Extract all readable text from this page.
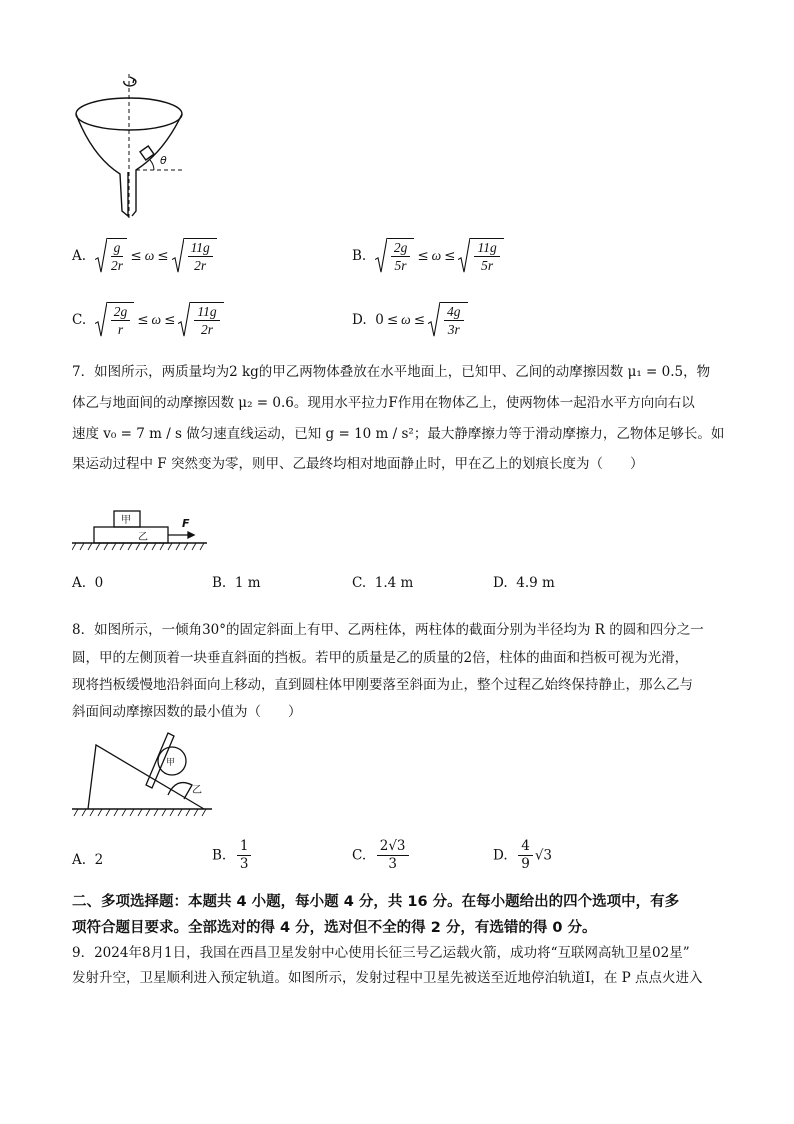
θ
A. $\frac{g}{2r} \le \omega \le \frac{11g}{2r}$	B. $\frac{2g}{5r} \le \omega \le \frac{11g}{5r}$
C. $\frac{2g}{r} \le \omega \le \frac{11g}{2r}$	D. $0 \le \omega \le \frac{4g}{3r}$
7．如图所示，两质量均为2 kg的甲乙两物体叠放在水平地面上，已知甲、乙间的动摩擦因数 μ₁ = 0.5，物
体乙与地面间的动摩擦因数 μ₂ = 0.6。现用水平拉力F作用在物体乙上，使两物体一起沿水平方向向右以
速度 v₀ = 7 m / s 做匀速直线运动，已知 g = 10 m / s²；最大静摩擦力等于滑动摩擦力，乙物体足够长。如
果运动过程中 F 突然变为零，则甲、乙最终均相对地面静止时，甲在乙上的划痕长度为（　　）
甲
乙
F
A. 0	B. 1 m	C. 1.4 m	D. 4.9 m
8．如图所示，一倾角30°的固定斜面上有甲、乙两柱体，两柱体的截面分别为半径均为 R 的圆和四分之一
圆，甲的左侧顶着一块垂直斜面的挡板。若甲的质量是乙的质量的2倍，柱体的曲面和挡板可视为光滑，
现将挡板缓慢地沿斜面向上移动，直到圆柱体甲刚要落至斜面为止，整个过程乙始终保持静止，那么乙与
斜面间动摩擦因数的最小值为（　　）
甲
乙
A. 2	B. $\frac{1}{3}$	C. $\frac{2√3}{3}$	D. $\frac{4}{9} √3$
二、多项选择题：本题共 4 小题，每小题 4 分，共 16 分。在每小题给出的四个选项中，有多
项符合题目要求。全部选对的得 4 分，选对但不全的得 2 分，有选错的得 0 分。
9．2024年8月1日，我国在西昌卫星发射中心使用长征三号乙运载火箭，成功将“互联网高轨卫星02星”
发射升空，卫星顺利进入预定轨道。如图所示，发射过程中卫星先被送至近地停泊轨道Ⅰ，在 P 点点火进入
